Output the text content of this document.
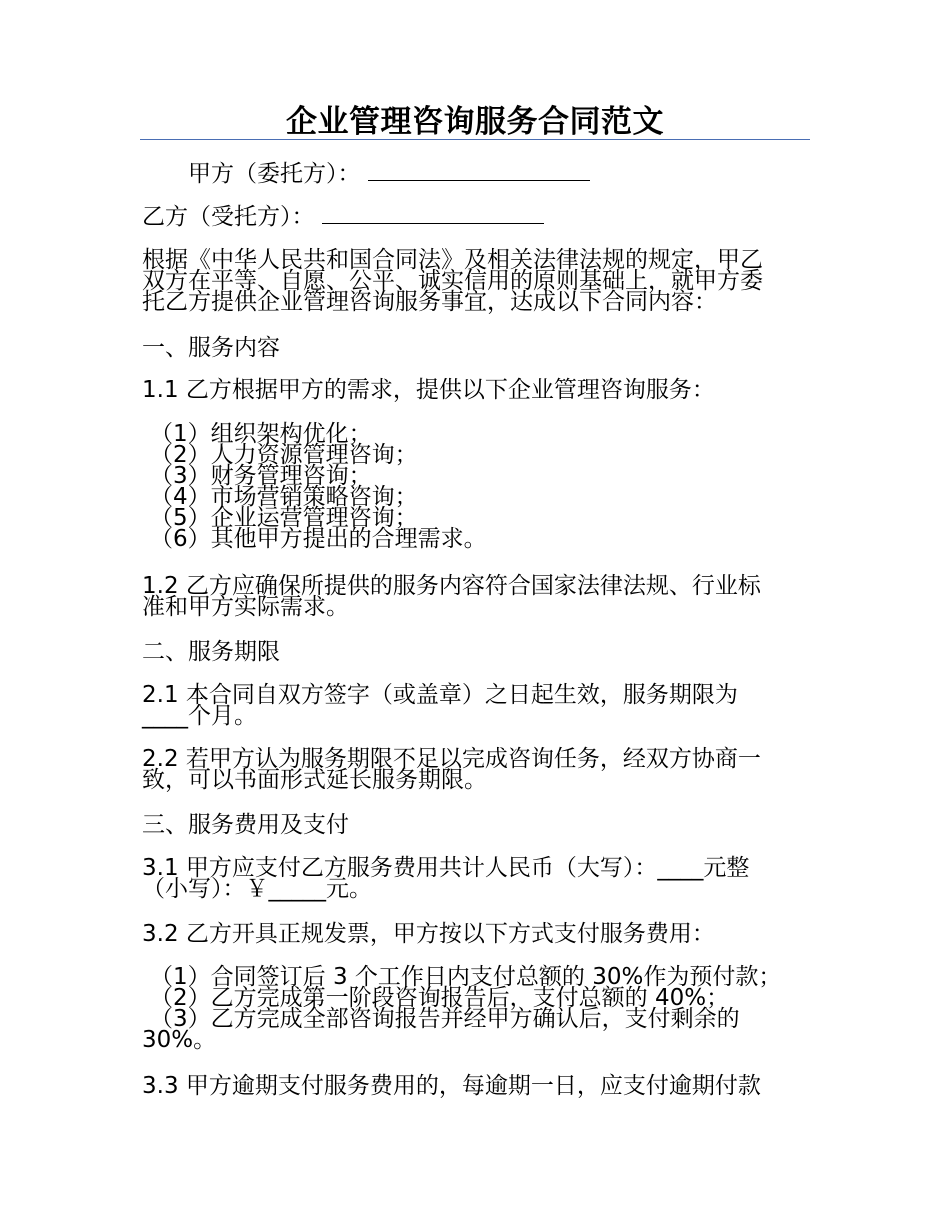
企业管理咨询服务合同范文

甲方（委托方）：

乙方（受托方）：

根据《中华人民共和国合同法》及相关法律法规的规定，甲乙
双方在平等、自愿、公平、诚实信用的原则基础上，就甲方委
托乙方提供企业管理咨询服务事宜，达成以下合同内容：

一、服务内容

1.1 乙方根据甲方的需求，提供以下企业管理咨询服务：

（1）组织架构优化；
（2）人力资源管理咨询；
（3）财务管理咨询；
（4）市场营销策略咨询；
（5）企业运营管理咨询；
（6）其他甲方提出的合理需求。

1.2 乙方应确保所提供的服务内容符合国家法律法规、行业标
准和甲方实际需求。

二、服务期限

2.1 本合同自双方签字（或盖章）之日起生效，服务期限为
____个月。

2.2 若甲方认为服务期限不足以完成咨询任务，经双方协商一
致，可以书面形式延长服务期限。

三、服务费用及支付

3.1 甲方应支付乙方服务费用共计人民币（大写）：____元整
（小写）：￥_____元。

3.2 乙方开具正规发票，甲方按以下方式支付服务费用：

（1）合同签订后 3 个工作日内支付总额的 30%作为预付款；
（2）乙方完成第一阶段咨询报告后，支付总额的 40%；
（3）乙方完成全部咨询报告并经甲方确认后，支付剩余的
30%。

3.3 甲方逾期支付服务费用的，每逾期一日，应支付逾期付款
